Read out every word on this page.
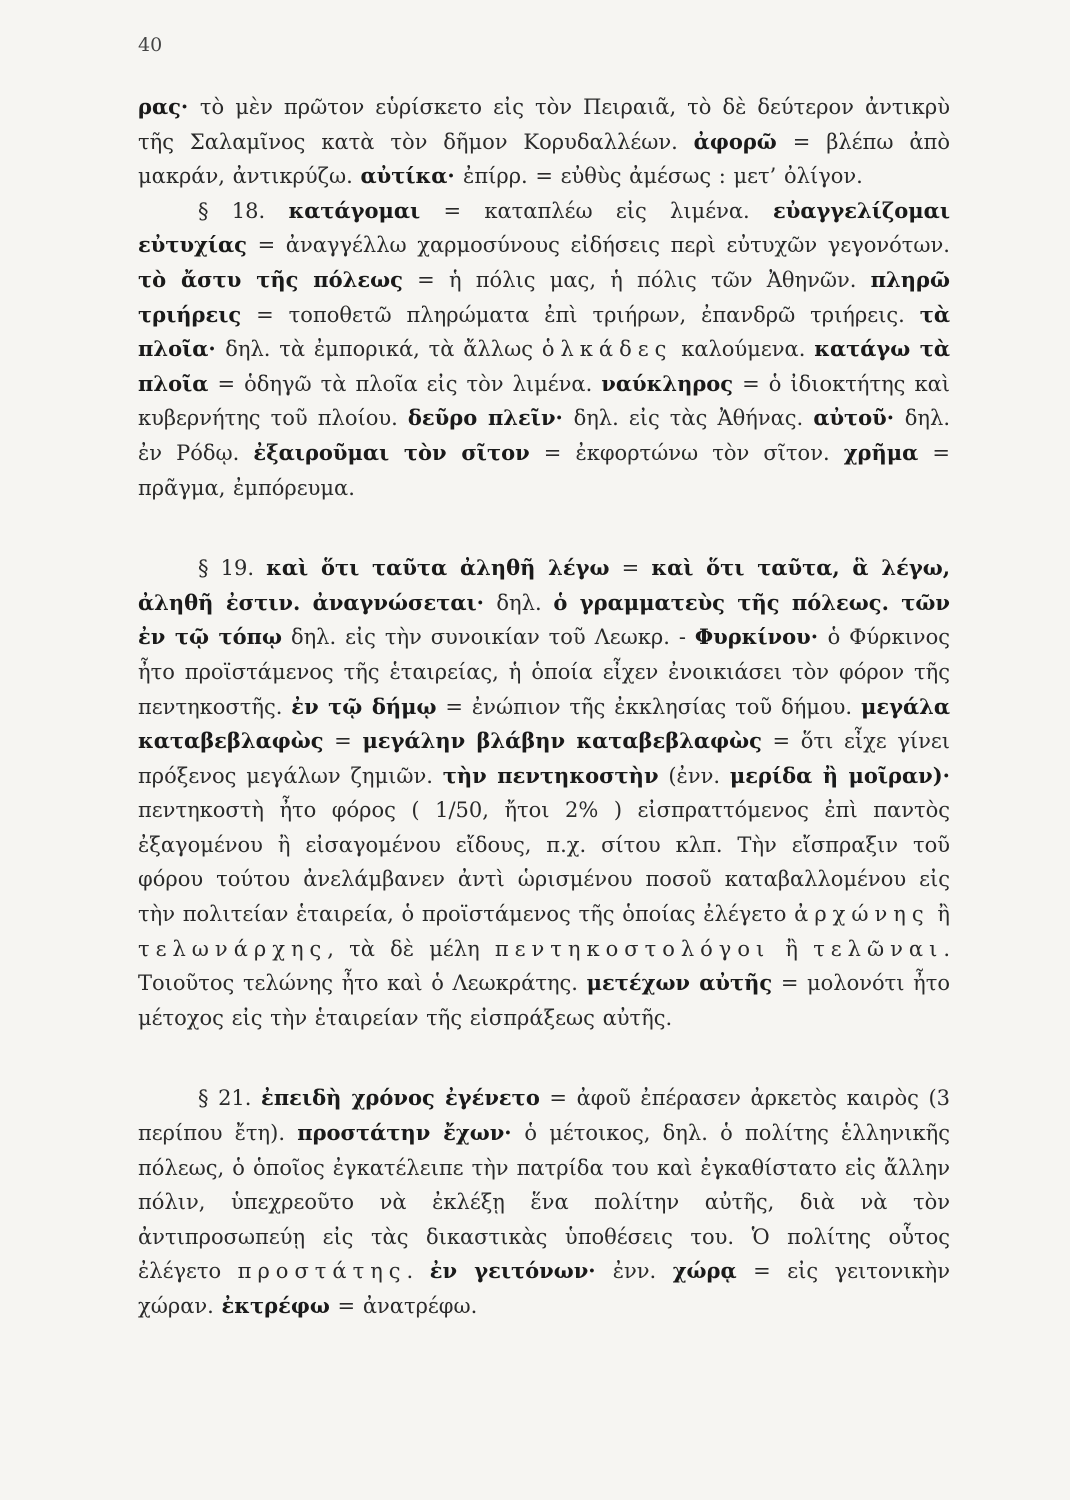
40

ρας· τὸ μὲν πρῶτον εὑρίσκετο εἰς τὸν Πειραιᾶ, τὸ δὲ δεύτερον ἀντικρὺ τῆς Σαλαμῖνος κατὰ τὸν δῆμον Κορυδαλλέων. ἀφορῶ = βλέπω ἀπὸ μακράν, ἀντικρύζω. αὐτίκα· ἐπίρρ. = εὐθὺς ἀμέσως : μετ’ ὀλίγον.

§ 18. κατάγομαι = καταπλέω εἰς λιμένα. εὐαγγελίζομαι εὐτυχίας = ἀναγγέλλω χαρμοσύνους εἰδήσεις περὶ εὐτυχῶν γεγονότων. τὸ ἄστυ τῆς πόλεως = ἡ πόλις μας, ἡ πόλις τῶν Ἀθηνῶν. πληρῶ τριήρεις = τοποθετῶ πληρώματα ἐπὶ τριήρων, ἐπανδρῶ τριήρεις. τὰ πλοῖα· δηλ. τὰ ἐμπορικά, τὰ ἄλλως ὁλκάδες καλούμενα. κατάγω τὰ πλοῖα = ὁδηγῶ τὰ πλοῖα εἰς τὸν λιμένα. ναύκληρος = ὁ ἰδιοκτήτης καὶ κυβερνήτης τοῦ πλοίου. δεῦρο πλεῖν· δηλ. εἰς τὰς Ἀθήνας. αὐτοῦ· δηλ. ἐν Ρόδῳ. ἐξαιροῦμαι τὸν σῖτον = ἐκφορτώνω τὸν σῖτον. χρῆμα = πρᾶγμα, ἐμπόρευμα.

§ 19. καὶ ὅτι ταῦτα ἀληθῆ λέγω = καὶ ὅτι ταῦτα, ἃ λέγω, ἀληθῆ ἐστιν. ἀναγνώσεται· δηλ. ὁ γραμματεὺς τῆς πόλεως. τῶν ἐν τῷ τόπῳ δηλ. εἰς τὴν συνοικίαν τοῦ Λεωκρ. - Φυρκίνου· ὁ Φύρκινος ἦτο προϊστάμενος τῆς ἑταιρείας, ἡ ὁποία εἶχεν ἐνοικιάσει τὸν φόρον τῆς πεντηκοστῆς. ἐν τῷ δήμῳ = ἐνώπιον τῆς ἐκκλησίας τοῦ δήμου. μεγάλα καταβεβλαφὼς = μεγάλην βλάβην καταβεβλαφὼς = ὅτι εἶχε γίνει πρόξενος μεγάλων ζημιῶν. τὴν πεντηκοστὴν (ἐνν. μερίδα ἢ μοῖραν)· πεντηκοστὴ ἦτο φόρος ( 1/50, ἤτοι 2% ) εἰσπραττόμενος ἐπὶ παντὸς ἐξαγομένου ἢ εἰσαγομένου εἴδους, π.χ. σίτου κλπ. Τὴν εἴσπραξιν τοῦ φόρου τούτου ἀνελάμβανεν ἀντὶ ὡρισμένου ποσοῦ καταβαλλομένου εἰς τὴν πολιτείαν ἑταιρεία, ὁ προϊστάμενος τῆς ὁποίας ἐλέγετο ἀρχώνης ἢ τελωνάρχης, τὰ δὲ μέλη πεντηκοστολόγοι ἢ τελῶναι. Τοιοῦτος τελώνης ἦτο καὶ ὁ Λεωκράτης. μετέχων αὐτῆς = μολονότι ἦτο μέτοχος εἰς τὴν ἑταιρείαν τῆς εἰσπράξεως αὐτῆς.

§ 21. ἐπειδὴ χρόνος ἐγένετο = ἀφοῦ ἐπέρασεν ἀρκετὸς καιρὸς (3 περίπου ἔτη). προστάτην ἔχων· ὁ μέτοικος, δηλ. ὁ πολίτης ἑλληνικῆς πόλεως, ὁ ὁποῖος ἐγκατέλειπε τὴν πατρίδα του καὶ ἐγκαθίστατο εἰς ἄλλην πόλιν, ὑπεχρεοῦτο νὰ ἐκλέξῃ ἕνα πολίτην αὐτῆς, διὰ νὰ τὸν ἀντιπροσωπεύῃ εἰς τὰς δικαστικὰς ὑποθέσεις του. Ὁ πολίτης οὗτος ἐλέγετο προστάτης. ἐν γειτόνων· ἐνν. χώρᾳ = εἰς γειτονικὴν χώραν. ἐκτρέφω = ἀνατρέφω.
